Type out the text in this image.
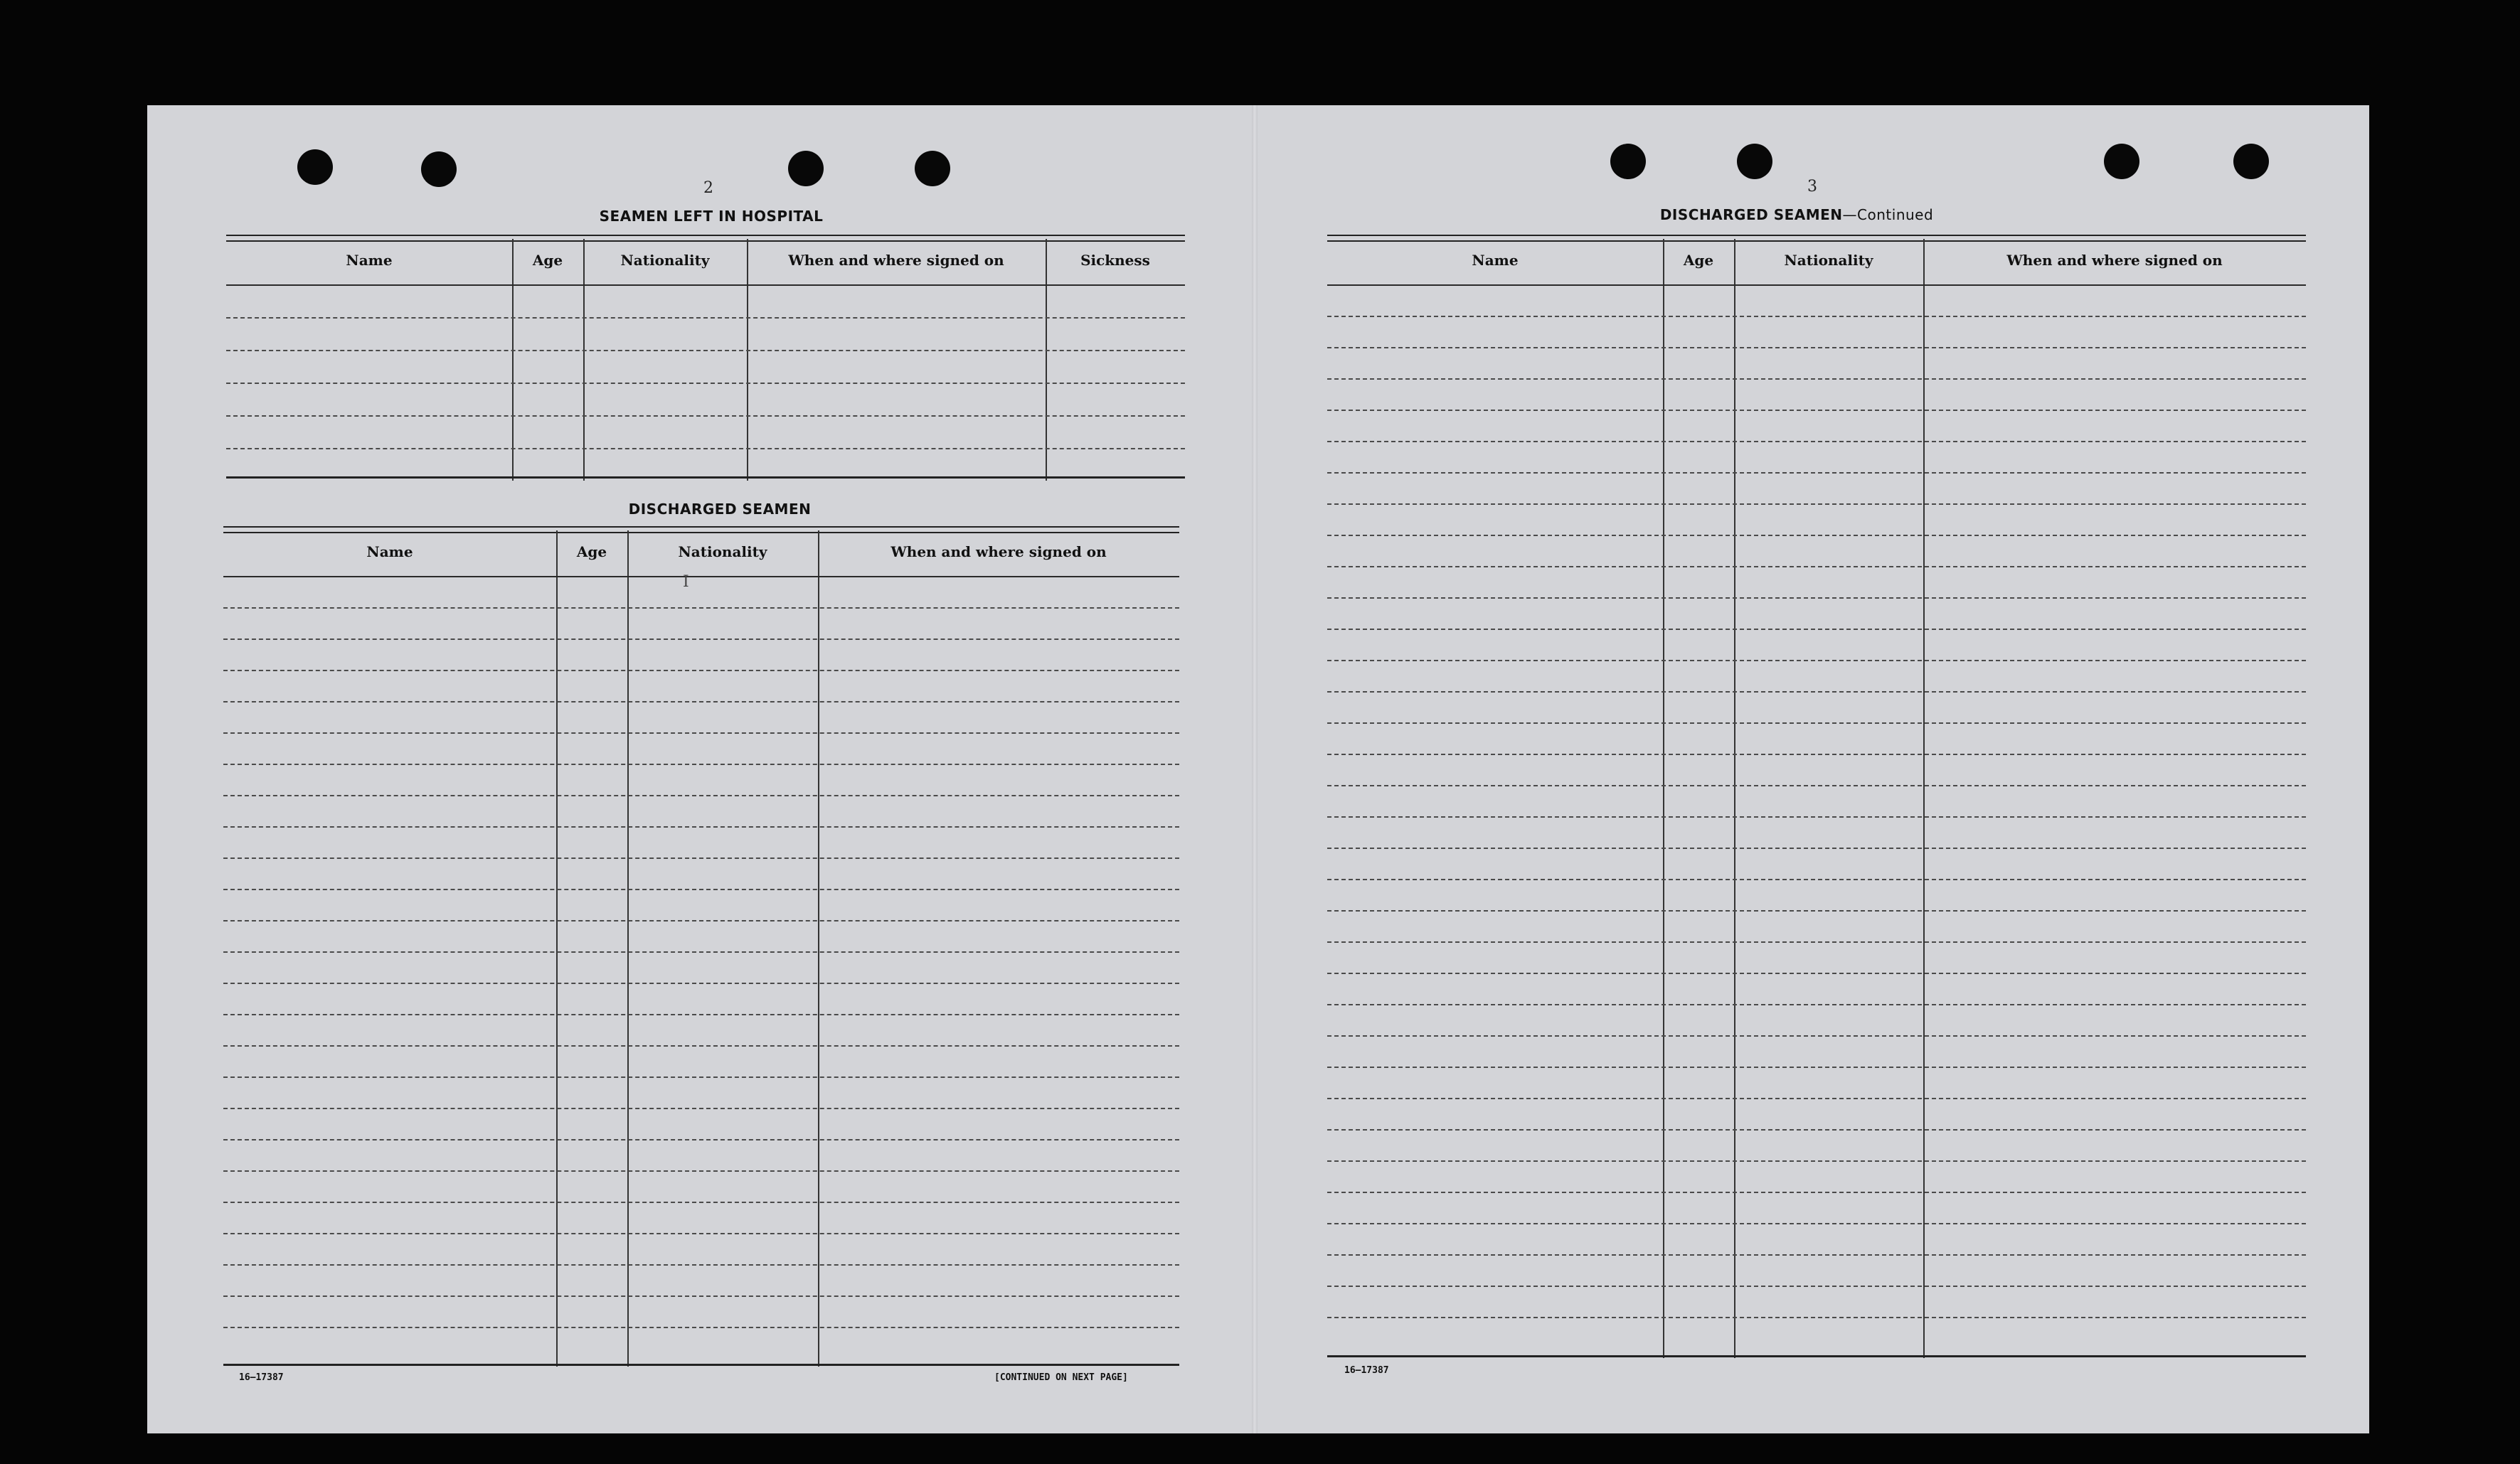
2
SEAMEN LEFT IN HOSPITAL
Name	Age	Nationality	When and where signed on	Sickness
DISCHARGED SEAMEN
Name	Age	Nationality	When and where signed on
I
16—17387	[CONTINUED ON NEXT PAGE]
3
DISCHARGED SEAMEN—Continued
Name	Age	Nationality	When and where signed on
16—17387
